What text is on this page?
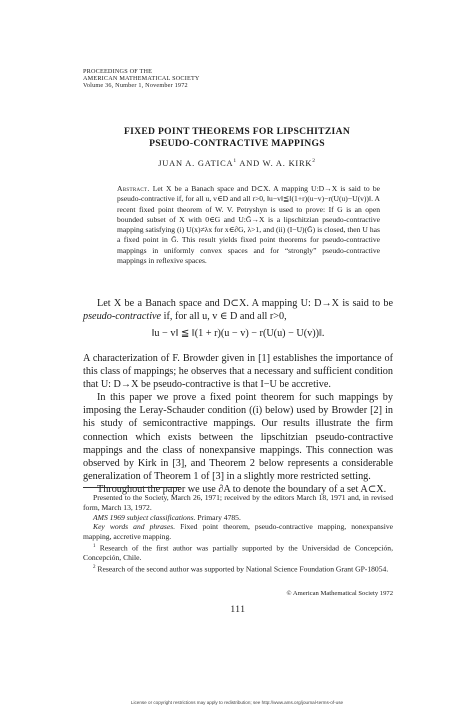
PROCEEDINGS OF THE
AMERICAN MATHEMATICAL SOCIETY
Volume 36, Number 1, November 1972
FIXED POINT THEOREMS FOR LIPSCHITZIAN
PSEUDO-CONTRACTIVE MAPPINGS
JUAN A. GATICA$^1$ AND W. A. KIRK$^2$
Abstract. Let X be a Banach space and D⊂X. A mapping U:D→X is said to be pseudo-contractive if, for all u, v∈D and all r>0, ‖u−v‖≦‖(1+r)(u−v)−r(U(u)−U(v))‖. A recent fixed point theorem of W. V. Petryshyn is used to prove: If G is an open bounded subset of X with 0∈G and U:Ḡ→X is a lipschitzian pseudo-contractive mapping satisfying (i) U(x)≠λx for x∈∂G, λ>1, and (ii) (I−U)(Ḡ) is closed, then U has a fixed point in Ḡ. This result yields fixed point theorems for pseudo-contractive mappings in uniformly convex spaces and for “strongly” pseudo-contractive mappings in reflexive spaces.

Let X be a Banach space and D⊂X. A mapping U: D→X is said to be pseudo-contractive if, for all u, v ∈ D and all r>0,

‖u − v‖ ≦ ‖(1 + r)(u − v) − r(U(u) − U(v))‖.

A characterization of F. Browder given in [1] establishes the importance of this class of mappings; he observes that a necessary and sufficient condition that U: D→X be pseudo-contractive is that I−U be accretive.

In this paper we prove a fixed point theorem for such mappings by imposing the Leray-Schauder condition ((i) below) used by Browder [2] in his study of semicontractive mappings. Our results illustrate the firm connection which exists between the lipschitzian pseudo-contractive mappings and the class of nonexpansive mappings. This connection was observed by Kirk in [3], and Theorem 2 below represents a considerable generalization of Theorem 1 of [3] in a slightly more restricted setting.

Throughout the paper we use ∂A to denote the boundary of a set A⊂X.

Presented to the Society, March 26, 1971; received by the editors March 18, 1971 and, in revised form, March 13, 1972.

AMS 1969 subject classifications. Primary 4785.

Key words and phrases. Fixed point theorem, pseudo-contractive mapping, nonexpansive mapping, accretive mapping.

$^1$ Research of the first author was partially supported by the Universidad de Concepción, Concepción, Chile.

$^2$ Research of the second author was supported by National Science Foundation Grant GP-18054.

© American Mathematical Society 1972
111
License or copyright restrictions may apply to redistribution; see http://www.ams.org/journal-terms-of-use
